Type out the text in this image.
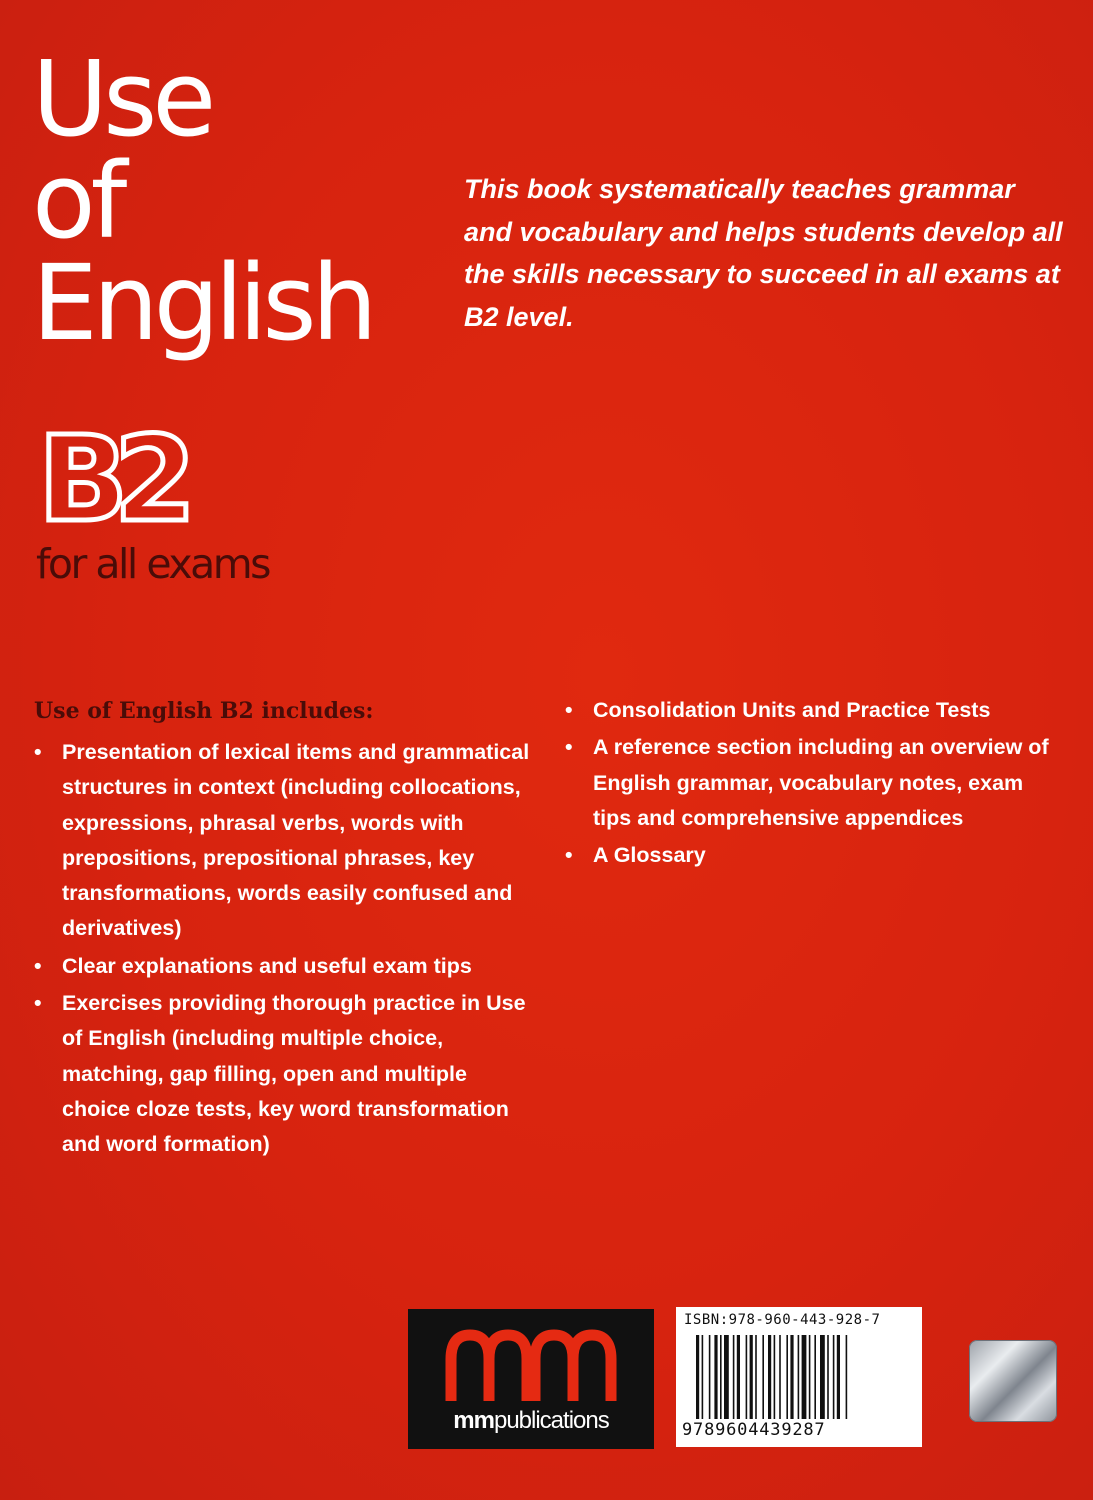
Use
of
English
B2
for all exams

This book systematically teaches grammar and vocabulary and helps students develop all the skills necessary to succeed in all exams at B2 level.

Use of English B2 includes:
• Presentation of lexical items and grammatical structures in context (including collocations, expressions, phrasal verbs, words with prepositions, prepositional phrases, key transformations, words easily confused and derivatives)
• Clear explanations and useful exam tips
• Exercises providing thorough practice in Use of English (including multiple choice, matching, gap filling, open and multiple choice cloze tests, key word transformation and word formation)
• Consolidation Units and Practice Tests
• A reference section including an overview of English grammar, vocabulary notes, exam tips and comprehensive appendices
• A Glossary
mmpublications
ISBN:978-960-443-928-7
9789604439287
